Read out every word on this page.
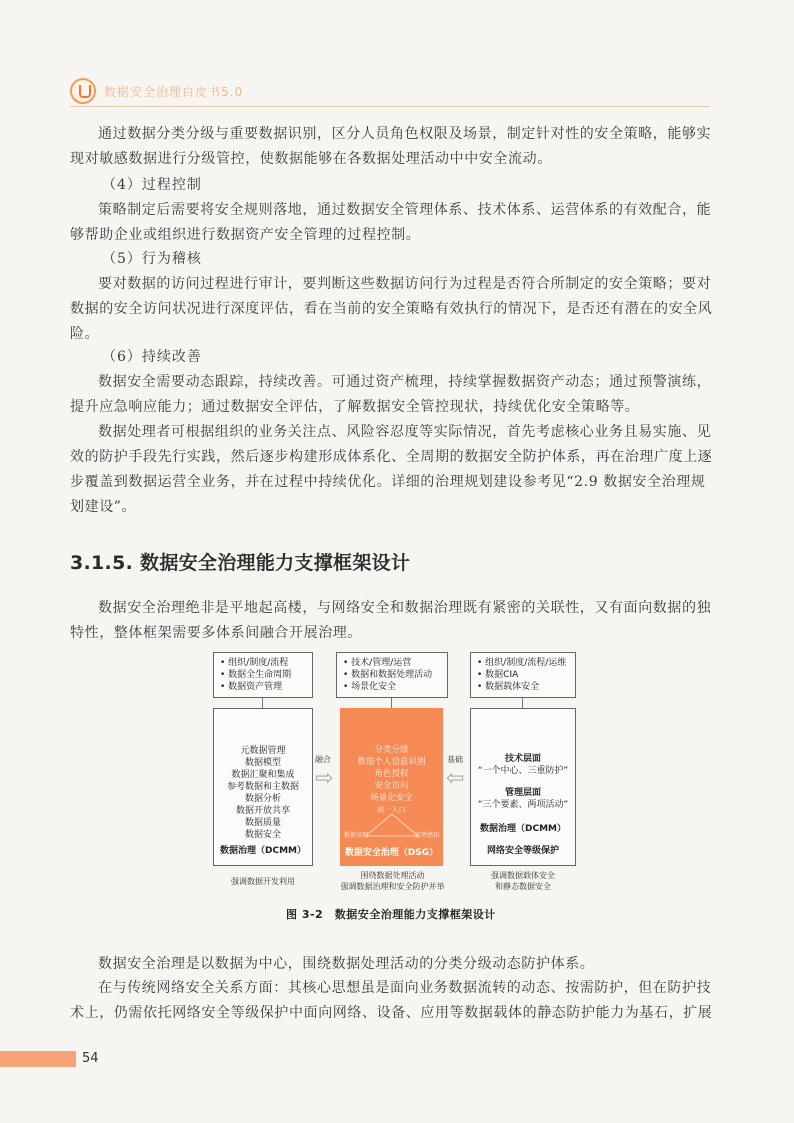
数据安全治理白皮书5.0

通过数据分类分级与重要数据识别，区分人员角色权限及场景，制定针对性的安全策略，能够实现对敏感数据进行分级管控，使数据能够在各数据处理活动中中安全流动。

（4）过程控制

策略制定后需要将安全规则落地，通过数据安全管理体系、技术体系、运营体系的有效配合，能够帮助企业或组织进行数据资产安全管理的过程控制。

（5）行为稽核

要对数据的访问过程进行审计，要判断这些数据访问行为过程是否符合所制定的安全策略；要对数据的安全访问状况进行深度评估，看在当前的安全策略有效执行的情况下，是否还有潜在的安全风险。

（6）持续改善

数据安全需要动态跟踪，持续改善。可通过资产梳理，持续掌握数据资产动态；通过预警演练，提升应急响应能力；通过数据安全评估，了解数据安全管控现状，持续优化安全策略等。

数据处理者可根据组织的业务关注点、风险容忍度等实际情况，首先考虑核心业务且易实施、见效的防护手段先行实践，然后逐步构建形成体系化、全周期的数据安全防护体系，再在治理广度上逐步覆盖到数据运营全业务，并在过程中持续优化。详细的治理规划建设参考见“2.9 数据安全治理规划建设”。

3.1.5. 数据安全治理能力支撑框架设计

数据安全治理绝非是平地起高楼，与网络安全和数据治理既有紧密的关联性，又有面向数据的独特性，整体框架需要多体系间融合开展治理。

• 组织/制度/流程
• 数据全生命周期
• 数据资产管理
• 技术/管理/运营
• 数据和数据处理活动
• 场景化安全
• 组织/制度/流程/运维
• 数据CIA
• 数据载体安全
元数据管理
数据模型
数据汇聚和集成
参考数据和主数据
数据分析
数据开放共享
数据质量
数据安全
数据治理（DCMM）
融合
⇨
分类分级
数据个人信息识别
角色授权
安全访问
场景化安全
统一入口
数据发现	态势感知
数据安全治理（DSG）
基础
⇦
技术层面
“一个中心、三重防护”
管理层面
“三个要素、两项活动”
数据治理（DCMM）
网络安全等级保护
强调数据开发利用
围绕数据处理活动
强调数据治理和安全防护并举
强调数据载体安全
和静态数据安全
图 3-2　数据安全治理能力支撑框架设计

数据安全治理是以数据为中心，围绕数据处理活动的分类分级动态防护体系。

在与传统网络安全关系方面：其核心思想虽是面向业务数据流转的动态、按需防护，但在防护技术上，仍需依托网络安全等级保护中面向网络、设备、应用等数据载体的静态防护能力为基石，扩展

54
